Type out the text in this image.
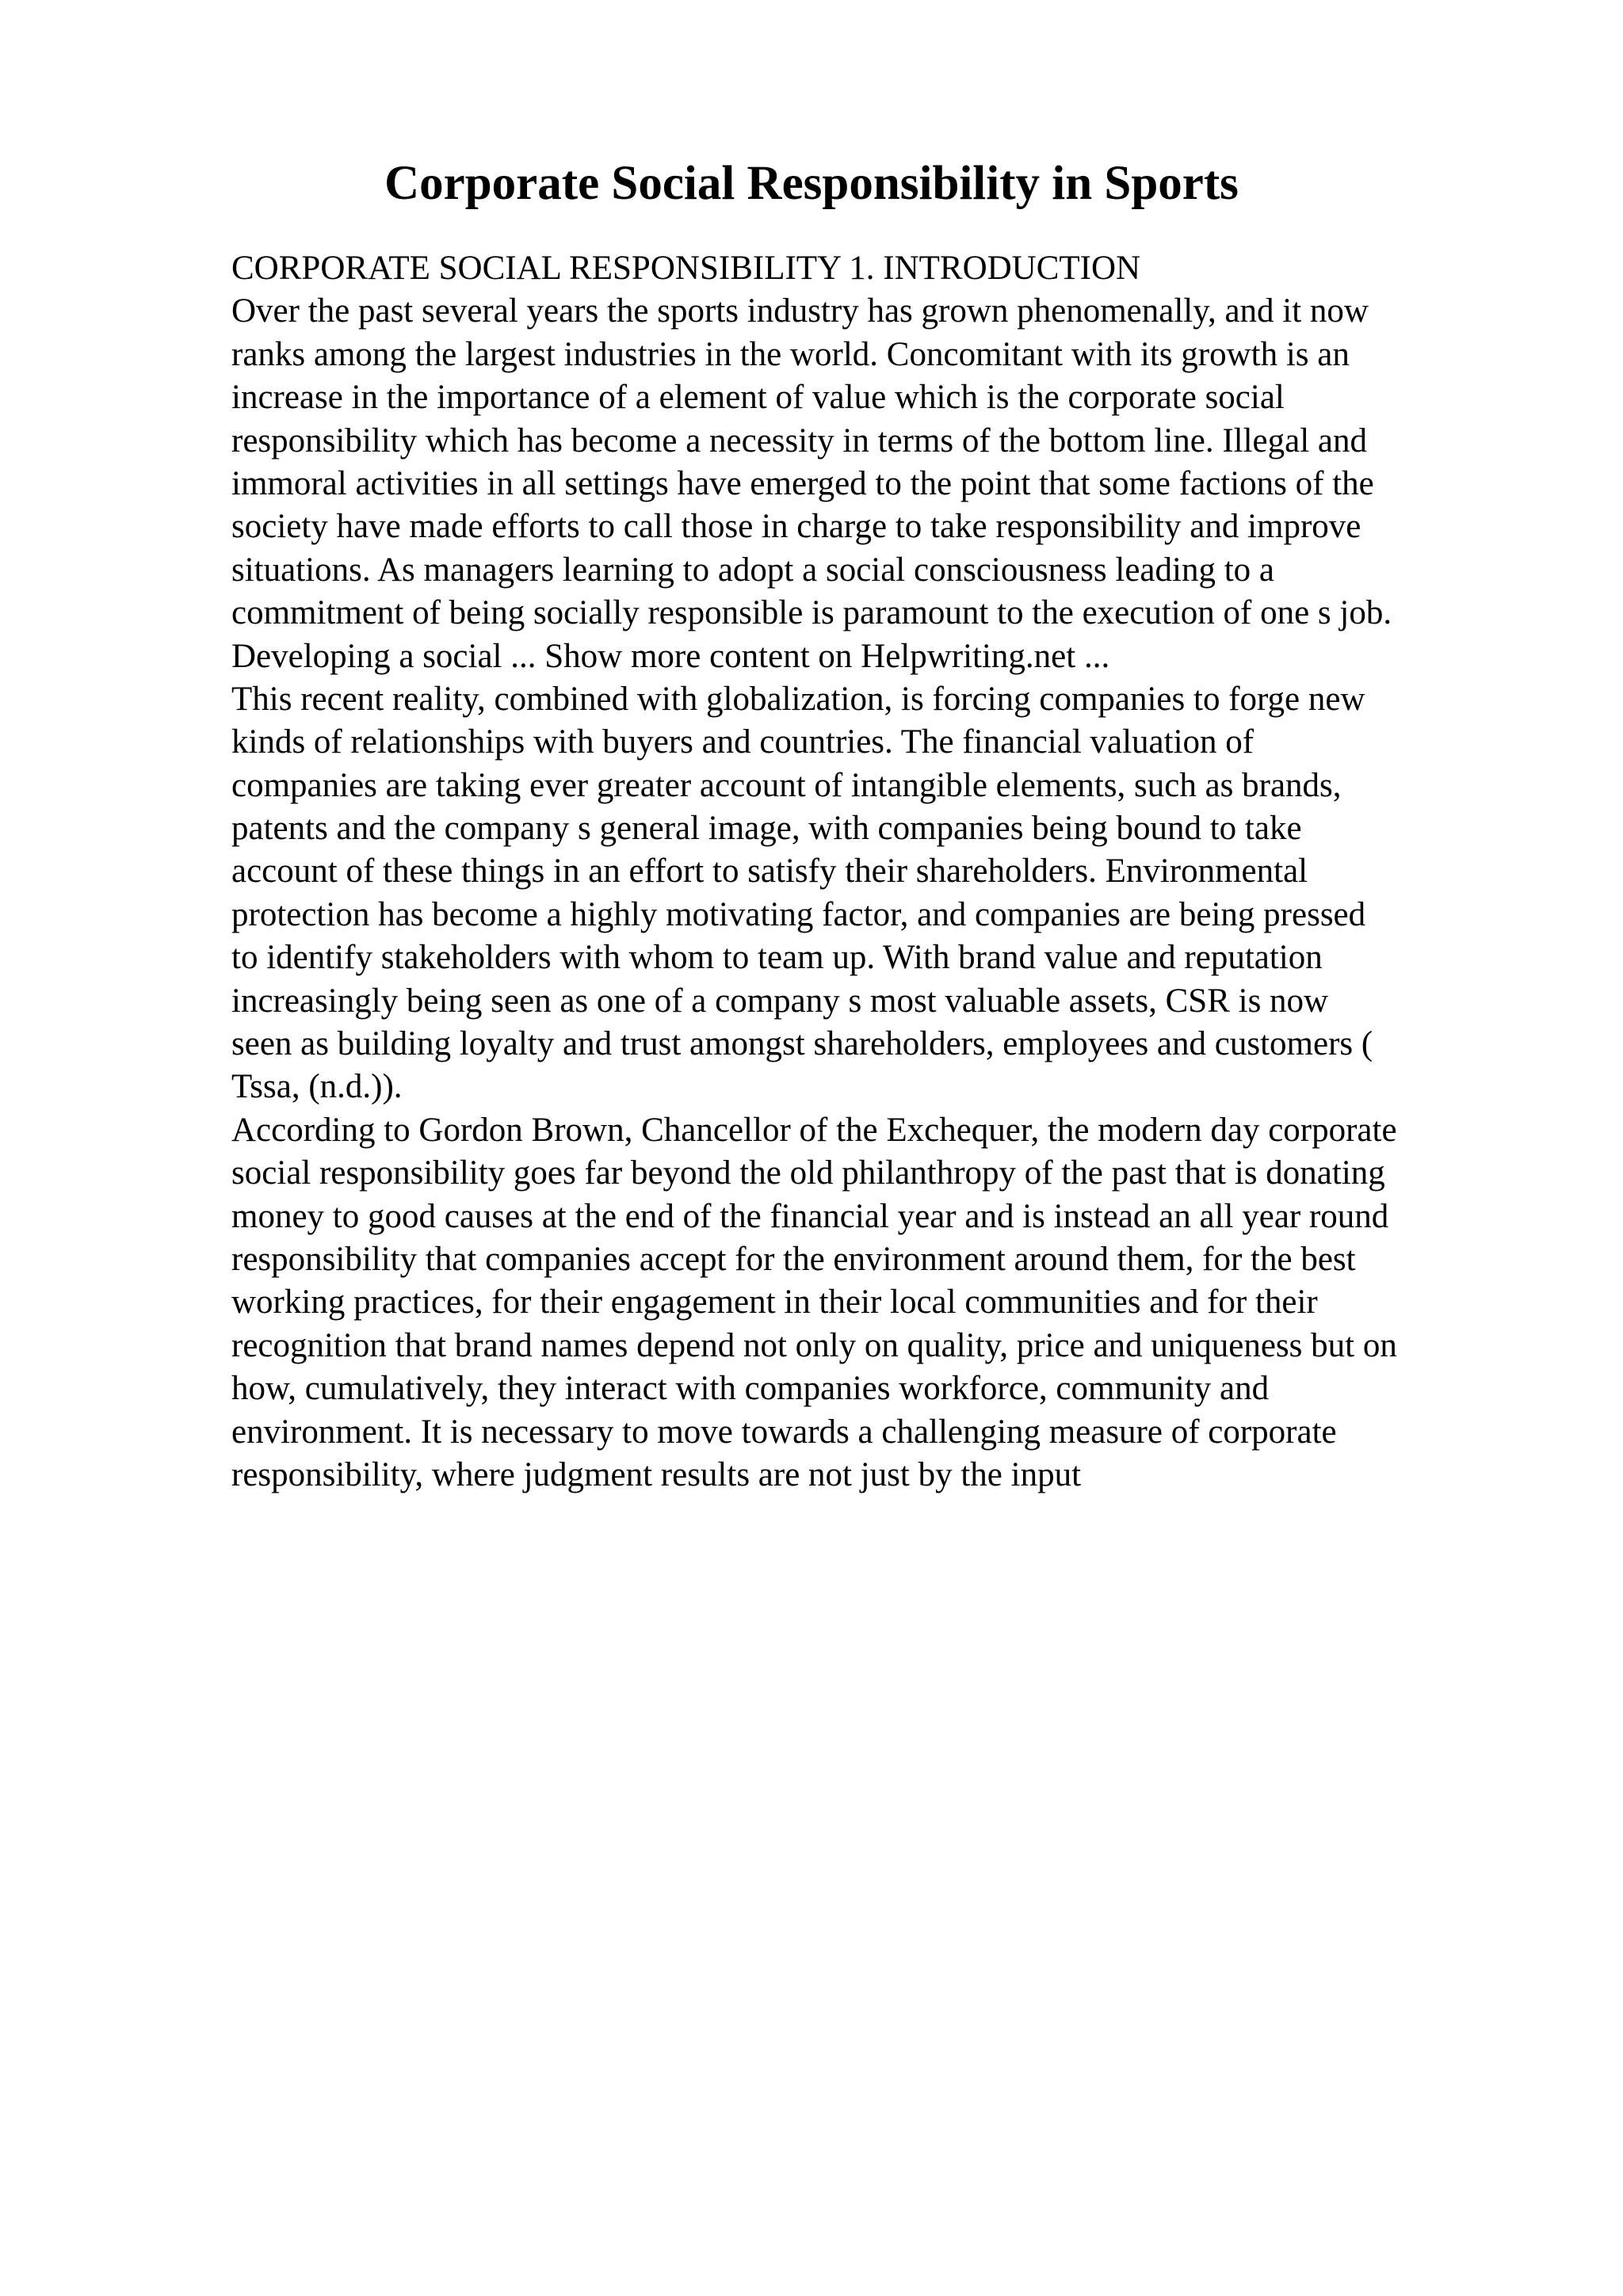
Corporate Social Responsibility in Sports
CORPORATE SOCIAL RESPONSIBILITY 1. INTRODUCTION
Over the past several years the sports industry has grown phenomenally, and it now
ranks among the largest industries in the world. Concomitant with its growth is an
increase in the importance of a element of value which is the corporate social
responsibility which has become a necessity in terms of the bottom line. Illegal and
immoral activities in all settings have emerged to the point that some factions of the
society have made efforts to call those in charge to take responsibility and improve
situations. As managers learning to adopt a social consciousness leading to a
commitment of being socially responsible is paramount to the execution of one s job.
Developing a social ... Show more content on Helpwriting.net ...
This recent reality, combined with globalization, is forcing companies to forge new
kinds of relationships with buyers and countries. The financial valuation of
companies are taking ever greater account of intangible elements, such as brands,
patents and the company s general image, with companies being bound to take
account of these things in an effort to satisfy their shareholders. Environmental
protection has become a highly motivating factor, and companies are being pressed
to identify stakeholders with whom to team up. With brand value and reputation
increasingly being seen as one of a company s most valuable assets, CSR is now
seen as building loyalty and trust amongst shareholders, employees and customers (
Tssa, (n.d.)).
According to Gordon Brown, Chancellor of the Exchequer, the modern day corporate
social responsibility goes far beyond the old philanthropy of the past that is donating
money to good causes at the end of the financial year and is instead an all year round
responsibility that companies accept for the environment around them, for the best
working practices, for their engagement in their local communities and for their
recognition that brand names depend not only on quality, price and uniqueness but on
how, cumulatively, they interact with companies workforce, community and
environment. It is necessary to move towards a challenging measure of corporate
responsibility, where judgment results are not just by the input
